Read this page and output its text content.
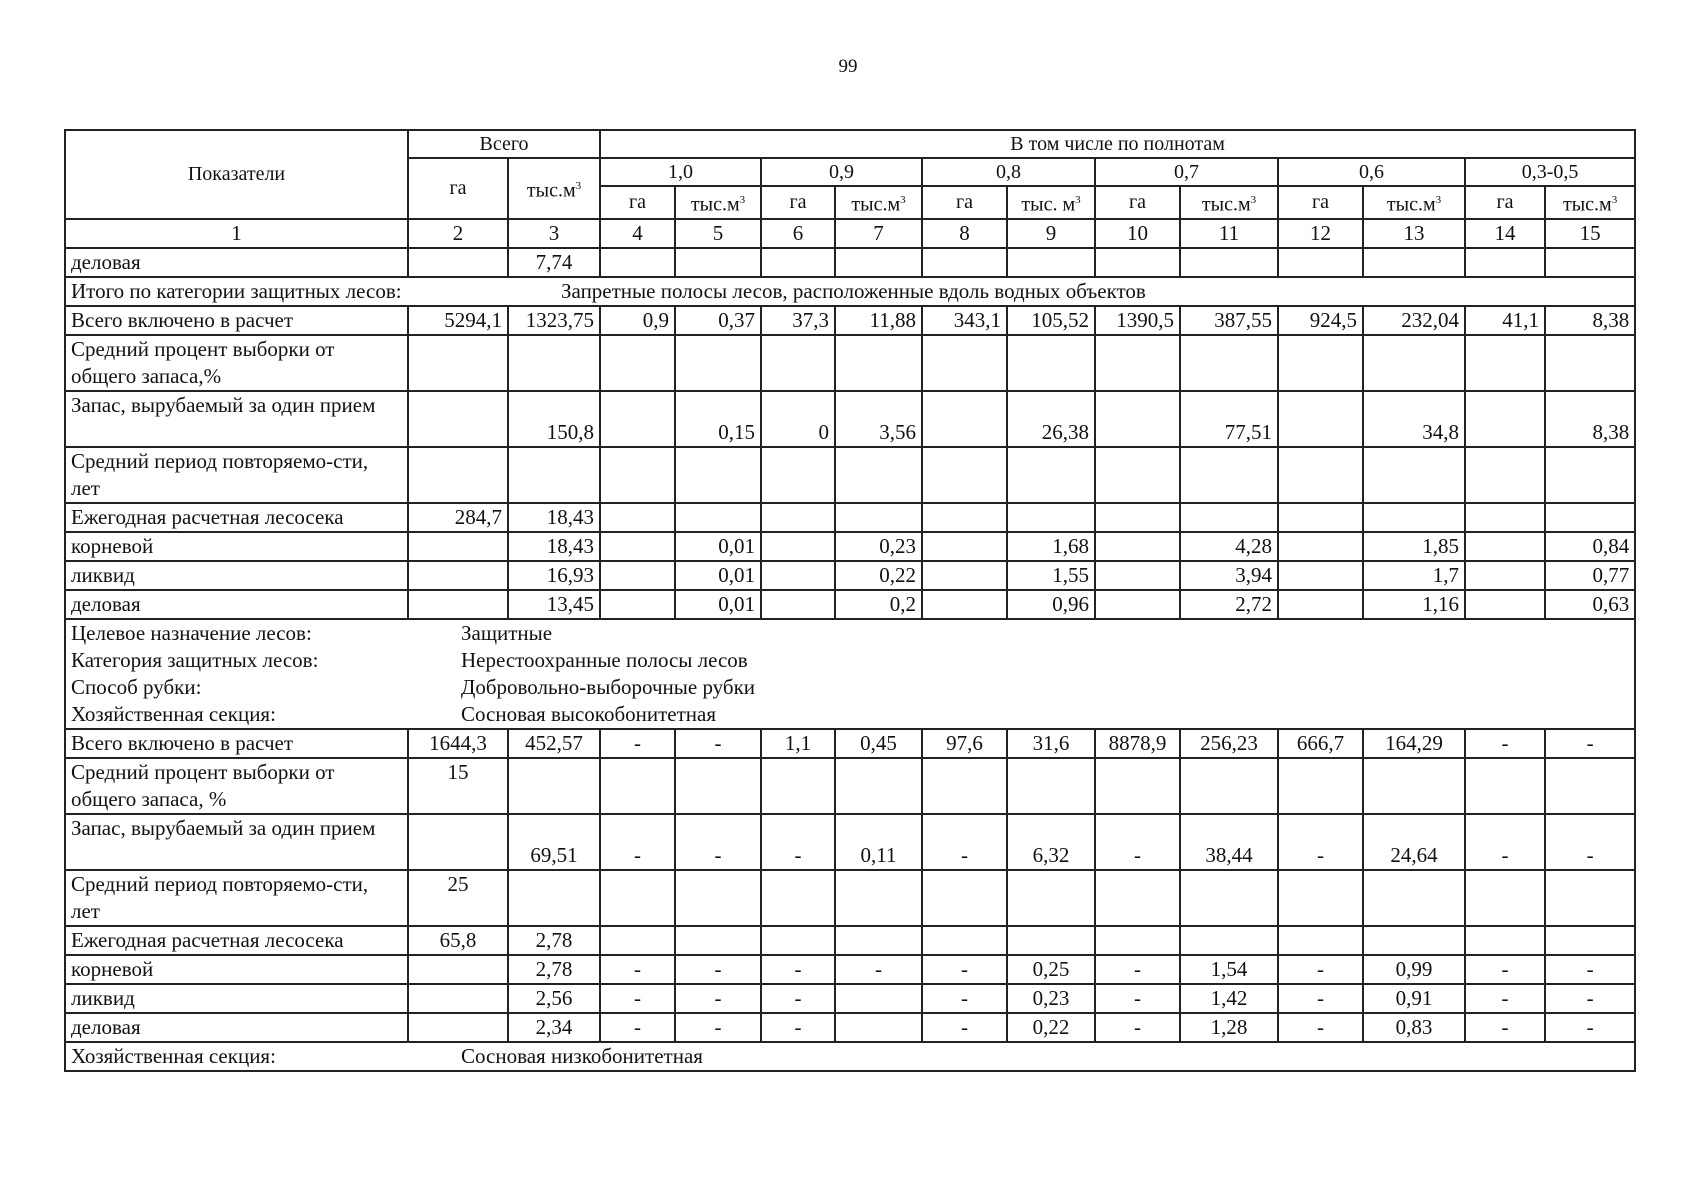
99
Показатели	Всего		В том числе по полнотам											
	га	$тыс.м^3$	1,0		0,9		0,8		0,7		0,6		0,3-0,5	
			га	$тыс.м^3$	га	$тыс.м^3$	га	тыс. $м^3$	га	$тыс.м^3$	га	$тыс.м^3$	га	$тыс.м^3$
1	2	3	4	5	6	7	8	9	10	11	12	13	14	15
деловая		7,74												
Итого по категории защитных лесов: Запретные полосы лесов, расположенные вдоль водных объектов														
Всего включено в расчет	5294,1	1323,75	0,9	0,37	37,3	11,88	343,1	105,52	1390,5	387,55	924,5	232,04	41,1	8,38
Средний процент выборки от общего запаса,%														
Запас, вырубаемый за один прием		150,8		0,15	0	3,56		26,38		77,51		34,8		8,38
Средний период повторяемо-сти, лет														
Ежегодная расчетная лесосека	284,7	18,43												
корневой		18,43		0,01		0,23		1,68		4,28		1,85		0,84
ликвид		16,93		0,01		0,22		1,55		3,94		1,7		0,77
деловая		13,45		0,01		0,2		0,96		2,72		1,16		0,63

Целевое назначение лесов: Защитные
Категория защитных лесов: Нерестоохранные полосы лесов
Способ рубки: Добровольно-выборочные рубки
Хозяйственная секция: Сосновая высокобонитетная														

Всего включено в расчет	1644,3	452,57	-	-	1,1	0,45	97,6	31,6	8878,9	256,23	666,7	164,29	-	-
Средний процент выборки от общего запаса, %	15													
Запас, вырубаемый за один прием		69,51	-	-	-	0,11	-	6,32	-	38,44	-	24,64	-	-
Средний период повторяемо-сти, лет	25													
Ежегодная расчетная лесосека	65,8	2,78												
корневой		2,78	-	-	-	-	-	0,25	-	1,54	-	0,99	-	-
ликвид		2,56	-	-	-		-	0,23	-	1,42	-	0,91	-	-
деловая		2,34	-	-	-		-	0,22	-	1,28	-	0,83	-	-
Хозяйственная секция: Сосновая низкобонитетная														
